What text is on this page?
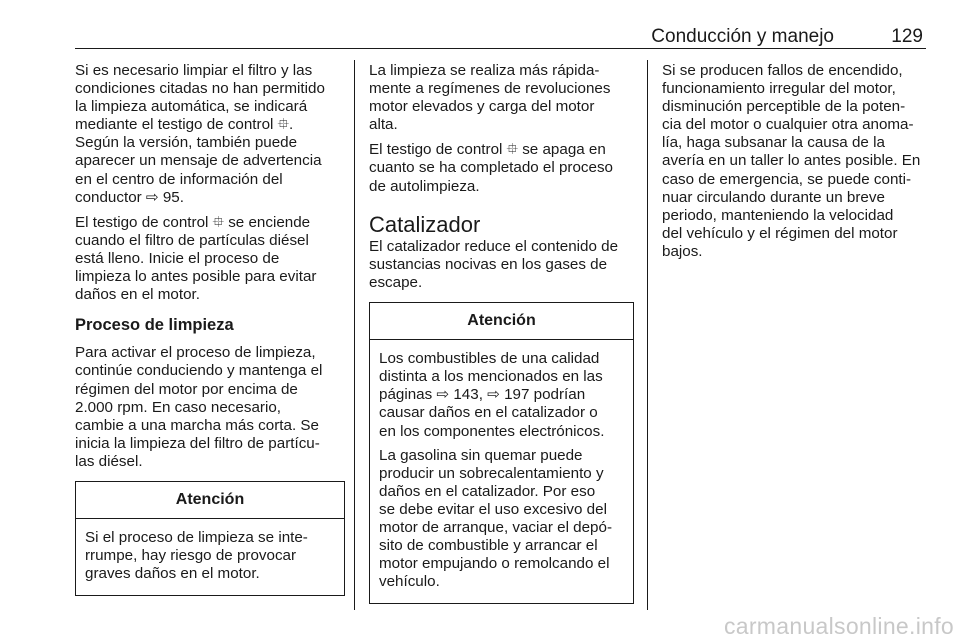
Conducción y manejo	129

Si es necesario limpiar el filtro y las
condiciones citadas no han permitido
la limpieza automática, se indicará
mediante el testigo de control ⯐.
Según la versión, también puede
aparecer un mensaje de advertencia
en el centro de información del
conductor ⇨ 95.

El testigo de control ⯐ se enciende
cuando el filtro de partículas diésel
está lleno. Inicie el proceso de
limpieza lo antes posible para evitar
daños en el motor.

Proceso de limpieza

Para activar el proceso de limpieza,
continúe conduciendo y mantenga el
régimen del motor por encima de
2.000 rpm. En caso necesario,
cambie a una marcha más corta. Se
inicia la limpieza del filtro de partícu-
las diésel.

Atención

Si el proceso de limpieza se inte-
rrumpe, hay riesgo de provocar
graves daños en el motor.

La limpieza se realiza más rápida-
mente a regímenes de revoluciones
motor elevados y carga del motor
alta.

El testigo de control ⯐ se apaga en
cuanto se ha completado el proceso
de autolimpieza.

Catalizador

El catalizador reduce el contenido de
sustancias nocivas en los gases de
escape.

Atención

Los combustibles de una calidad
distinta a los mencionados en las
páginas ⇨ 143, ⇨ 197 podrían
causar daños en el catalizador o
en los componentes electrónicos.

La gasolina sin quemar puede
producir un sobrecalentamiento y
daños en el catalizador. Por eso
se debe evitar el uso excesivo del
motor de arranque, vaciar el depó-
sito de combustible y arrancar el
motor empujando o remolcando el
vehículo.

Si se producen fallos de encendido,
funcionamiento irregular del motor,
disminución perceptible de la poten-
cia del motor o cualquier otra anoma-
lía, haga subsanar la causa de la
avería en un taller lo antes posible. En
caso de emergencia, se puede conti-
nuar circulando durante un breve
periodo, manteniendo la velocidad
del vehículo y el régimen del motor
bajos.

carmanualsonline.info
